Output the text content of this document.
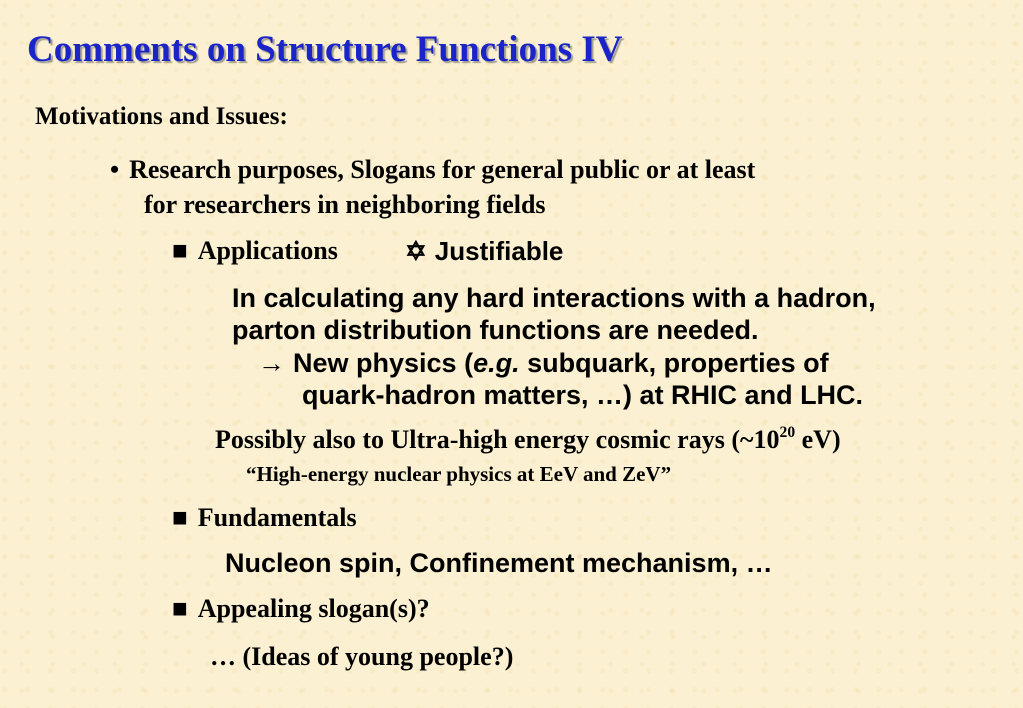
Comments on Structure Functions IV
Motivations and Issues:
• Research purposes, Slogans for general public or at least
for researchers in neighboring fields
■ Applications	✡ Justifiable
In calculating any hard interactions with a hadron,
parton distribution functions are needed.
→ New physics (e.g. subquark, properties of
quark-hadron matters, …) at RHIC and LHC.
Possibly also to Ultra-high energy cosmic rays ($\sim 10^{20}$ eV)
“High-energy nuclear physics at EeV and ZeV”
■ Fundamentals
Nucleon spin, Confinement mechanism, …
■ Appealing slogan(s)?
… (Ideas of young people?)
